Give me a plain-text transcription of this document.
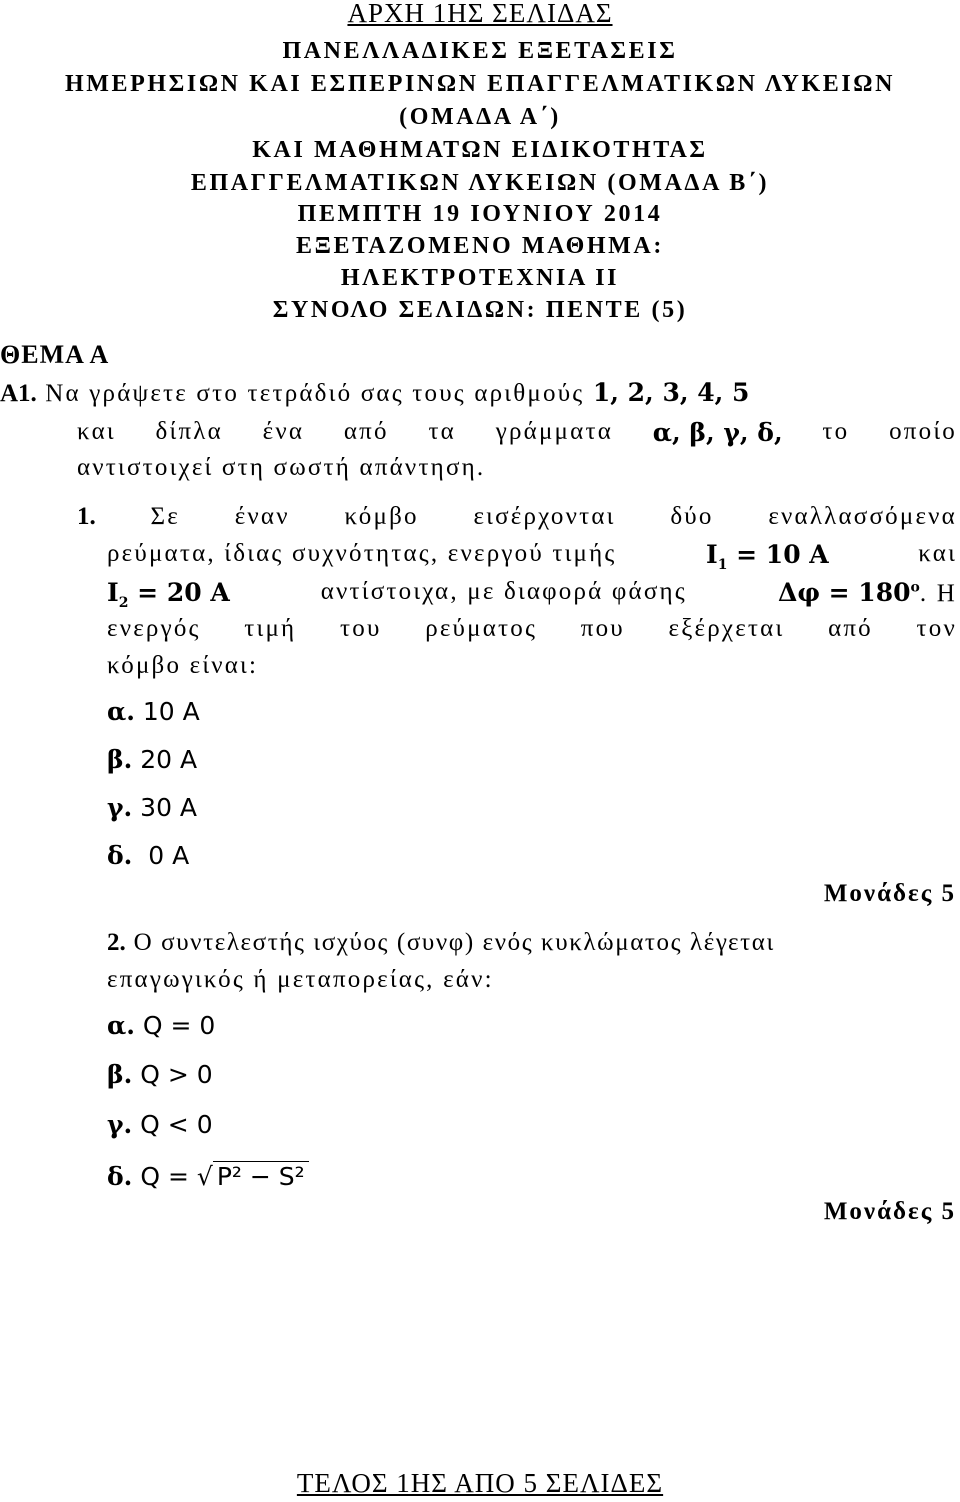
ΑΡΧΗ 1ΗΣ ΣΕΛΙΔΑΣ
ΠΑΝΕΛΛΑΔΙΚΕΣ ΕΞΕΤΑΣΕΙΣ
ΗΜΕΡΗΣΙΩΝ ΚΑΙ ΕΣΠΕΡΙΝΩΝ ΕΠΑΓΓΕΛΜΑΤΙΚΩΝ ΛΥΚΕΙΩΝ
(ΟΜΑΔΑ Α΄)
ΚΑΙ ΜΑΘΗΜΑΤΩΝ ΕΙΔΙΚΟΤΗΤΑΣ
ΕΠΑΓΓΕΛΜΑΤΙΚΩΝ ΛΥΚΕΙΩΝ (ΟΜΑΔΑ Β΄)
ΠΕΜΠΤΗ 19 ΙΟΥΝΙΟΥ 2014
ΕΞΕΤΑΖΟΜΕΝΟ ΜΑΘΗΜΑ:
ΗΛΕΚΤΡΟΤΕΧΝΙΑ ΙΙ
ΣΥΝΟΛΟ ΣΕΛΙΔΩΝ: ΠΕΝΤΕ (5)
ΘΕΜΑ Α
Α1. Να γράψετε στο τετράδιό σας τους αριθμούς 1, 2, 3, 4, 5
και δίπλα ένα από τα γράμματα α, β, γ, δ, το οποίο
αντιστοιχεί στη σωστή απάντηση.
1. Σε έναν κόμβο εισέρχονται δύο εναλλασσόμενα
ρεύματα, ίδιας συχνότητας, ενεργού τιμής	$I_1 = 10$ A	και
$I_2 = 20$ A	αντίστοιχα, με διαφορά φάσης	$\Delta\varphi = 180^o$. Η
ενεργός τιμή του ρεύματος που εξέρχεται από τον
κόμβο είναι:
α. 10 A
β. 20 A
γ. 30 A
δ.  0 A
Μονάδες 5
2. Ο συντελεστής ισχύος (συνφ) ενός κυκλώματος λέγεται
επαγωγικός ή μεταπορείας, εάν:
α. Q = 0
β. Q > 0
γ. Q < 0
δ. Q = √ P² − S²
Μονάδες 5
ΤΕΛΟΣ 1ΗΣ ΑΠΟ 5 ΣΕΛΙΔΕΣ
